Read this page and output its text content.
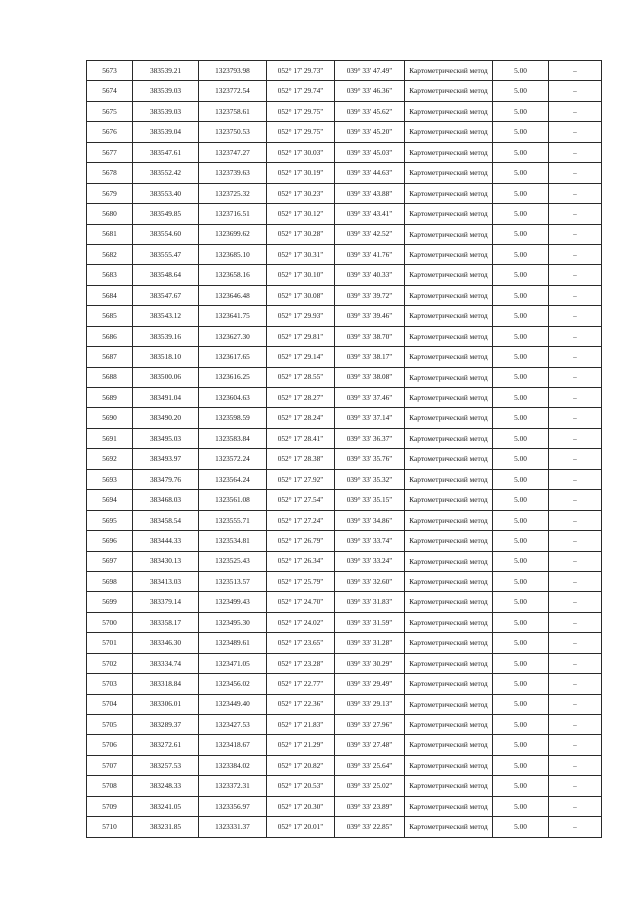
5673	383539.21	1323793.98	052° 17' 29.73"	039° 33' 47.49"	Картометрический метод	5.00	–
5674	383539.03	1323772.54	052° 17' 29.74"	039° 33' 46.36"	Картометрический метод	5.00	–
5675	383539.03	1323758.61	052° 17' 29.75"	039° 33' 45.62"	Картометрический метод	5.00	–
5676	383539.04	1323750.53	052° 17' 29.75"	039° 33' 45.20"	Картометрический метод	5.00	–
5677	383547.61	1323747.27	052° 17' 30.03"	039° 33' 45.03"	Картометрический метод	5.00	–
5678	383552.42	1323739.63	052° 17' 30.19"	039° 33' 44.63"	Картометрический метод	5.00	–
5679	383553.40	1323725.32	052° 17' 30.23"	039° 33' 43.88"	Картометрический метод	5.00	–
5680	383549.85	1323716.51	052° 17' 30.12"	039° 33' 43.41"	Картометрический метод	5.00	–
5681	383554.60	1323699.62	052° 17' 30.28"	039° 33' 42.52"	Картометрический метод	5.00	–
5682	383555.47	1323685.10	052° 17' 30.31"	039° 33' 41.76"	Картометрический метод	5.00	–
5683	383548.64	1323658.16	052° 17' 30.10"	039° 33' 40.33"	Картометрический метод	5.00	–
5684	383547.67	1323646.48	052° 17' 30.08"	039° 33' 39.72"	Картометрический метод	5.00	–
5685	383543.12	1323641.75	052° 17' 29.93"	039° 33' 39.46"	Картометрический метод	5.00	–
5686	383539.16	1323627.30	052° 17' 29.81"	039° 33' 38.70"	Картометрический метод	5.00	–
5687	383518.10	1323617.65	052° 17' 29.14"	039° 33' 38.17"	Картометрический метод	5.00	–
5688	383500.06	1323616.25	052° 17' 28.55"	039° 33' 38.08"	Картометрический метод	5.00	–
5689	383491.04	1323604.63	052° 17' 28.27"	039° 33' 37.46"	Картометрический метод	5.00	–
5690	383490.20	1323598.59	052° 17' 28.24"	039° 33' 37.14"	Картометрический метод	5.00	–
5691	383495.03	1323583.84	052° 17' 28.41"	039° 33' 36.37"	Картометрический метод	5.00	–
5692	383493.97	1323572.24	052° 17' 28.38"	039° 33' 35.76"	Картометрический метод	5.00	–
5693	383479.76	1323564.24	052° 17' 27.92"	039° 33' 35.32"	Картометрический метод	5.00	–
5694	383468.03	1323561.08	052° 17' 27.54"	039° 33' 35.15"	Картометрический метод	5.00	–
5695	383458.54	1323555.71	052° 17' 27.24"	039° 33' 34.86"	Картометрический метод	5.00	–
5696	383444.33	1323534.81	052° 17' 26.79"	039° 33' 33.74"	Картометрический метод	5.00	–
5697	383430.13	1323525.43	052° 17' 26.34"	039° 33' 33.24"	Картометрический метод	5.00	–
5698	383413.03	1323513.57	052° 17' 25.79"	039° 33' 32.60"	Картометрический метод	5.00	–
5699	383379.14	1323499.43	052° 17' 24.70"	039° 33' 31.83"	Картометрический метод	5.00	–
5700	383358.17	1323495.30	052° 17' 24.02"	039° 33' 31.59"	Картометрический метод	5.00	–
5701	383346.30	1323489.61	052° 17' 23.65"	039° 33' 31.28"	Картометрический метод	5.00	–
5702	383334.74	1323471.05	052° 17' 23.28"	039° 33' 30.29"	Картометрический метод	5.00	–
5703	383318.84	1323456.02	052° 17' 22.77"	039° 33' 29.49"	Картометрический метод	5.00	–
5704	383306.01	1323449.40	052° 17' 22.36"	039° 33' 29.13"	Картометрический метод	5.00	–
5705	383289.37	1323427.53	052° 17' 21.83"	039° 33' 27.96"	Картометрический метод	5.00	–
5706	383272.61	1323418.67	052° 17' 21.29"	039° 33' 27.48"	Картометрический метод	5.00	–
5707	383257.53	1323384.02	052° 17' 20.82"	039° 33' 25.64"	Картометрический метод	5.00	–
5708	383248.33	1323372.31	052° 17' 20.53"	039° 33' 25.02"	Картометрический метод	5.00	–
5709	383241.05	1323356.97	052° 17' 20.30"	039° 33' 23.89"	Картометрический метод	5.00	–
5710	383231.85	1323331.37	052° 17' 20.01"	039° 33' 22.85"	Картометрический метод	5.00	–
